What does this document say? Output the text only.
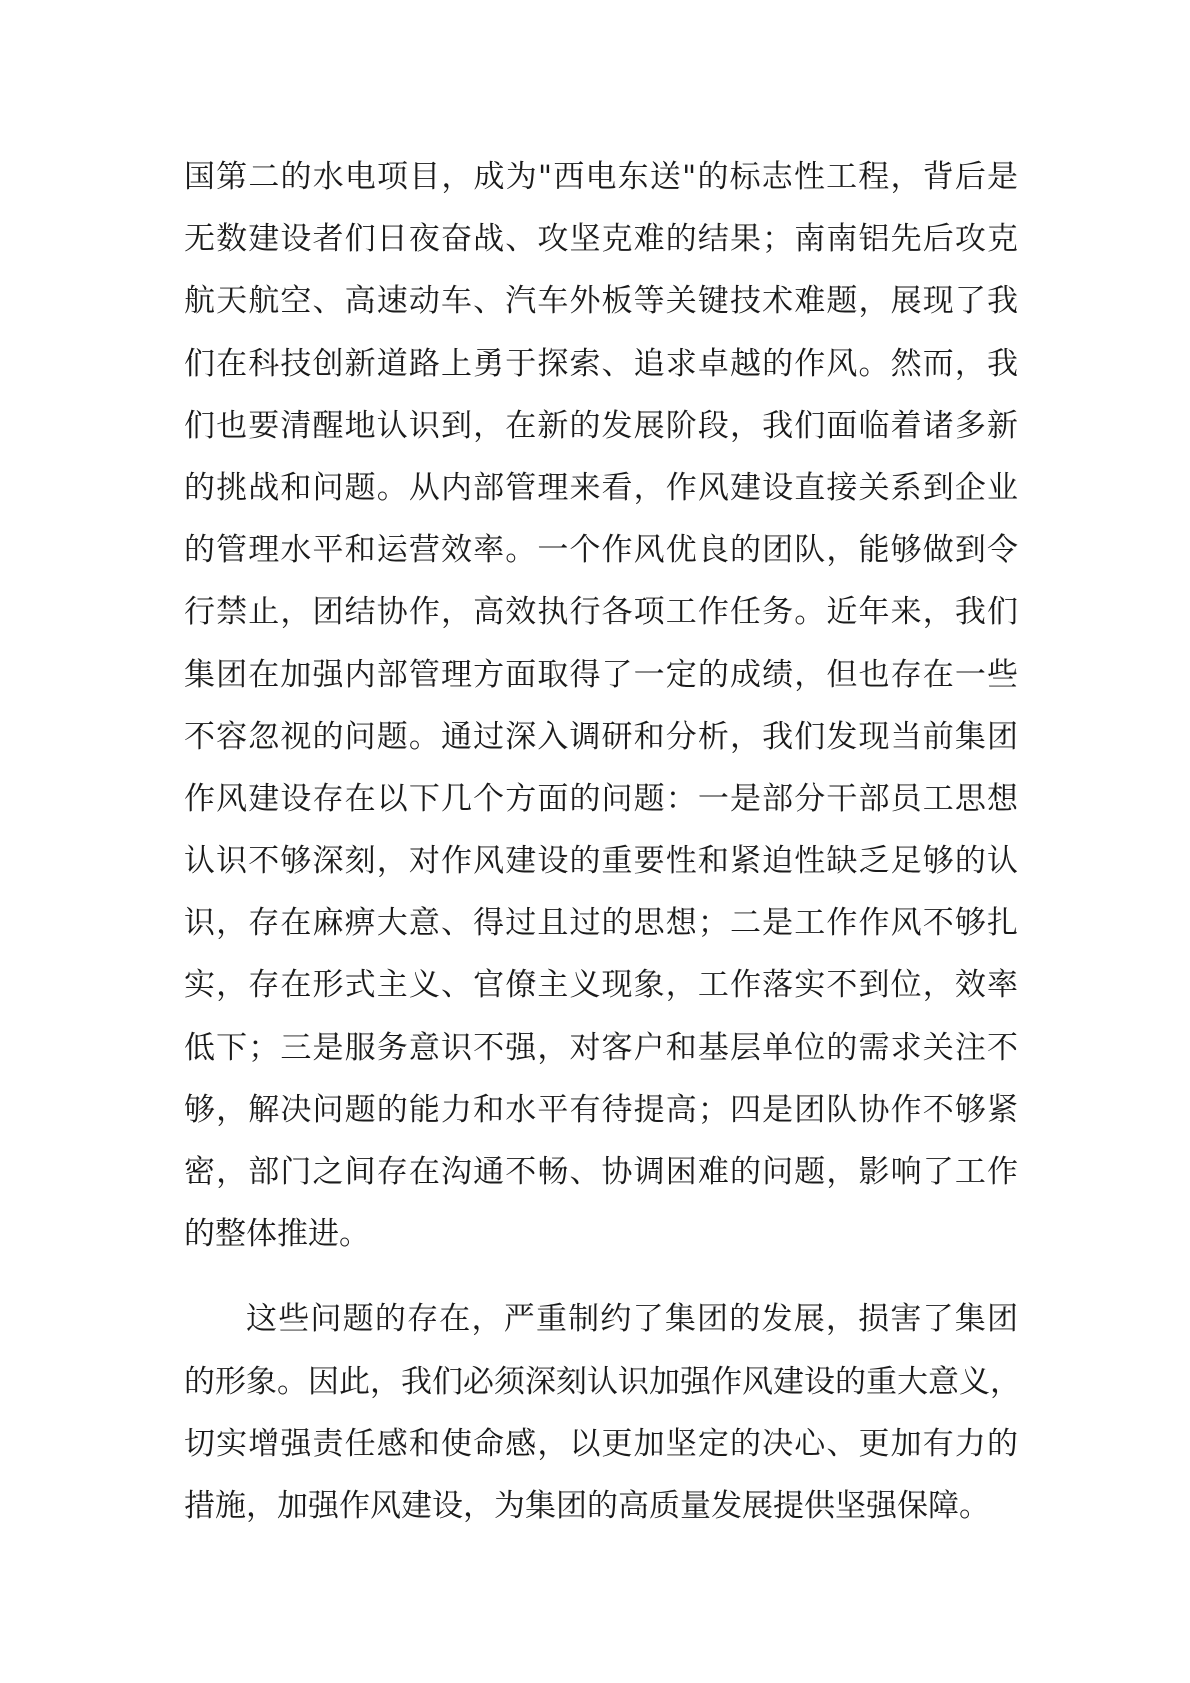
国第二的水电项目，成为"西电东送"的标志性工程，背后是
无数建设者们日夜奋战、攻坚克难的结果；南南铝先后攻克
航天航空、高速动车、汽车外板等关键技术难题，展现了我
们在科技创新道路上勇于探索、追求卓越的作风。然而，我
们也要清醒地认识到，在新的发展阶段，我们面临着诸多新
的挑战和问题。从内部管理来看，作风建设直接关系到企业
的管理水平和运营效率。一个作风优良的团队，能够做到令
行禁止，团结协作，高效执行各项工作任务。近年来，我们
集团在加强内部管理方面取得了一定的成绩，但也存在一些
不容忽视的问题。通过深入调研和分析，我们发现当前集团
作风建设存在以下几个方面的问题：一是部分干部员工思想
认识不够深刻，对作风建设的重要性和紧迫性缺乏足够的认
识，存在麻痹大意、得过且过的思想；二是工作作风不够扎
实，存在形式主义、官僚主义现象，工作落实不到位，效率
低下；三是服务意识不强，对客户和基层单位的需求关注不
够，解决问题的能力和水平有待提高；四是团队协作不够紧
密，部门之间存在沟通不畅、协调困难的问题，影响了工作
的整体推进。
这些问题的存在，严重制约了集团的发展，损害了集团
的形象。因此，我们必须深刻认识加强作风建设的重大意义，
切实增强责任感和使命感，以更加坚定的决心、更加有力的
措施，加强作风建设，为集团的高质量发展提供坚强保障。
